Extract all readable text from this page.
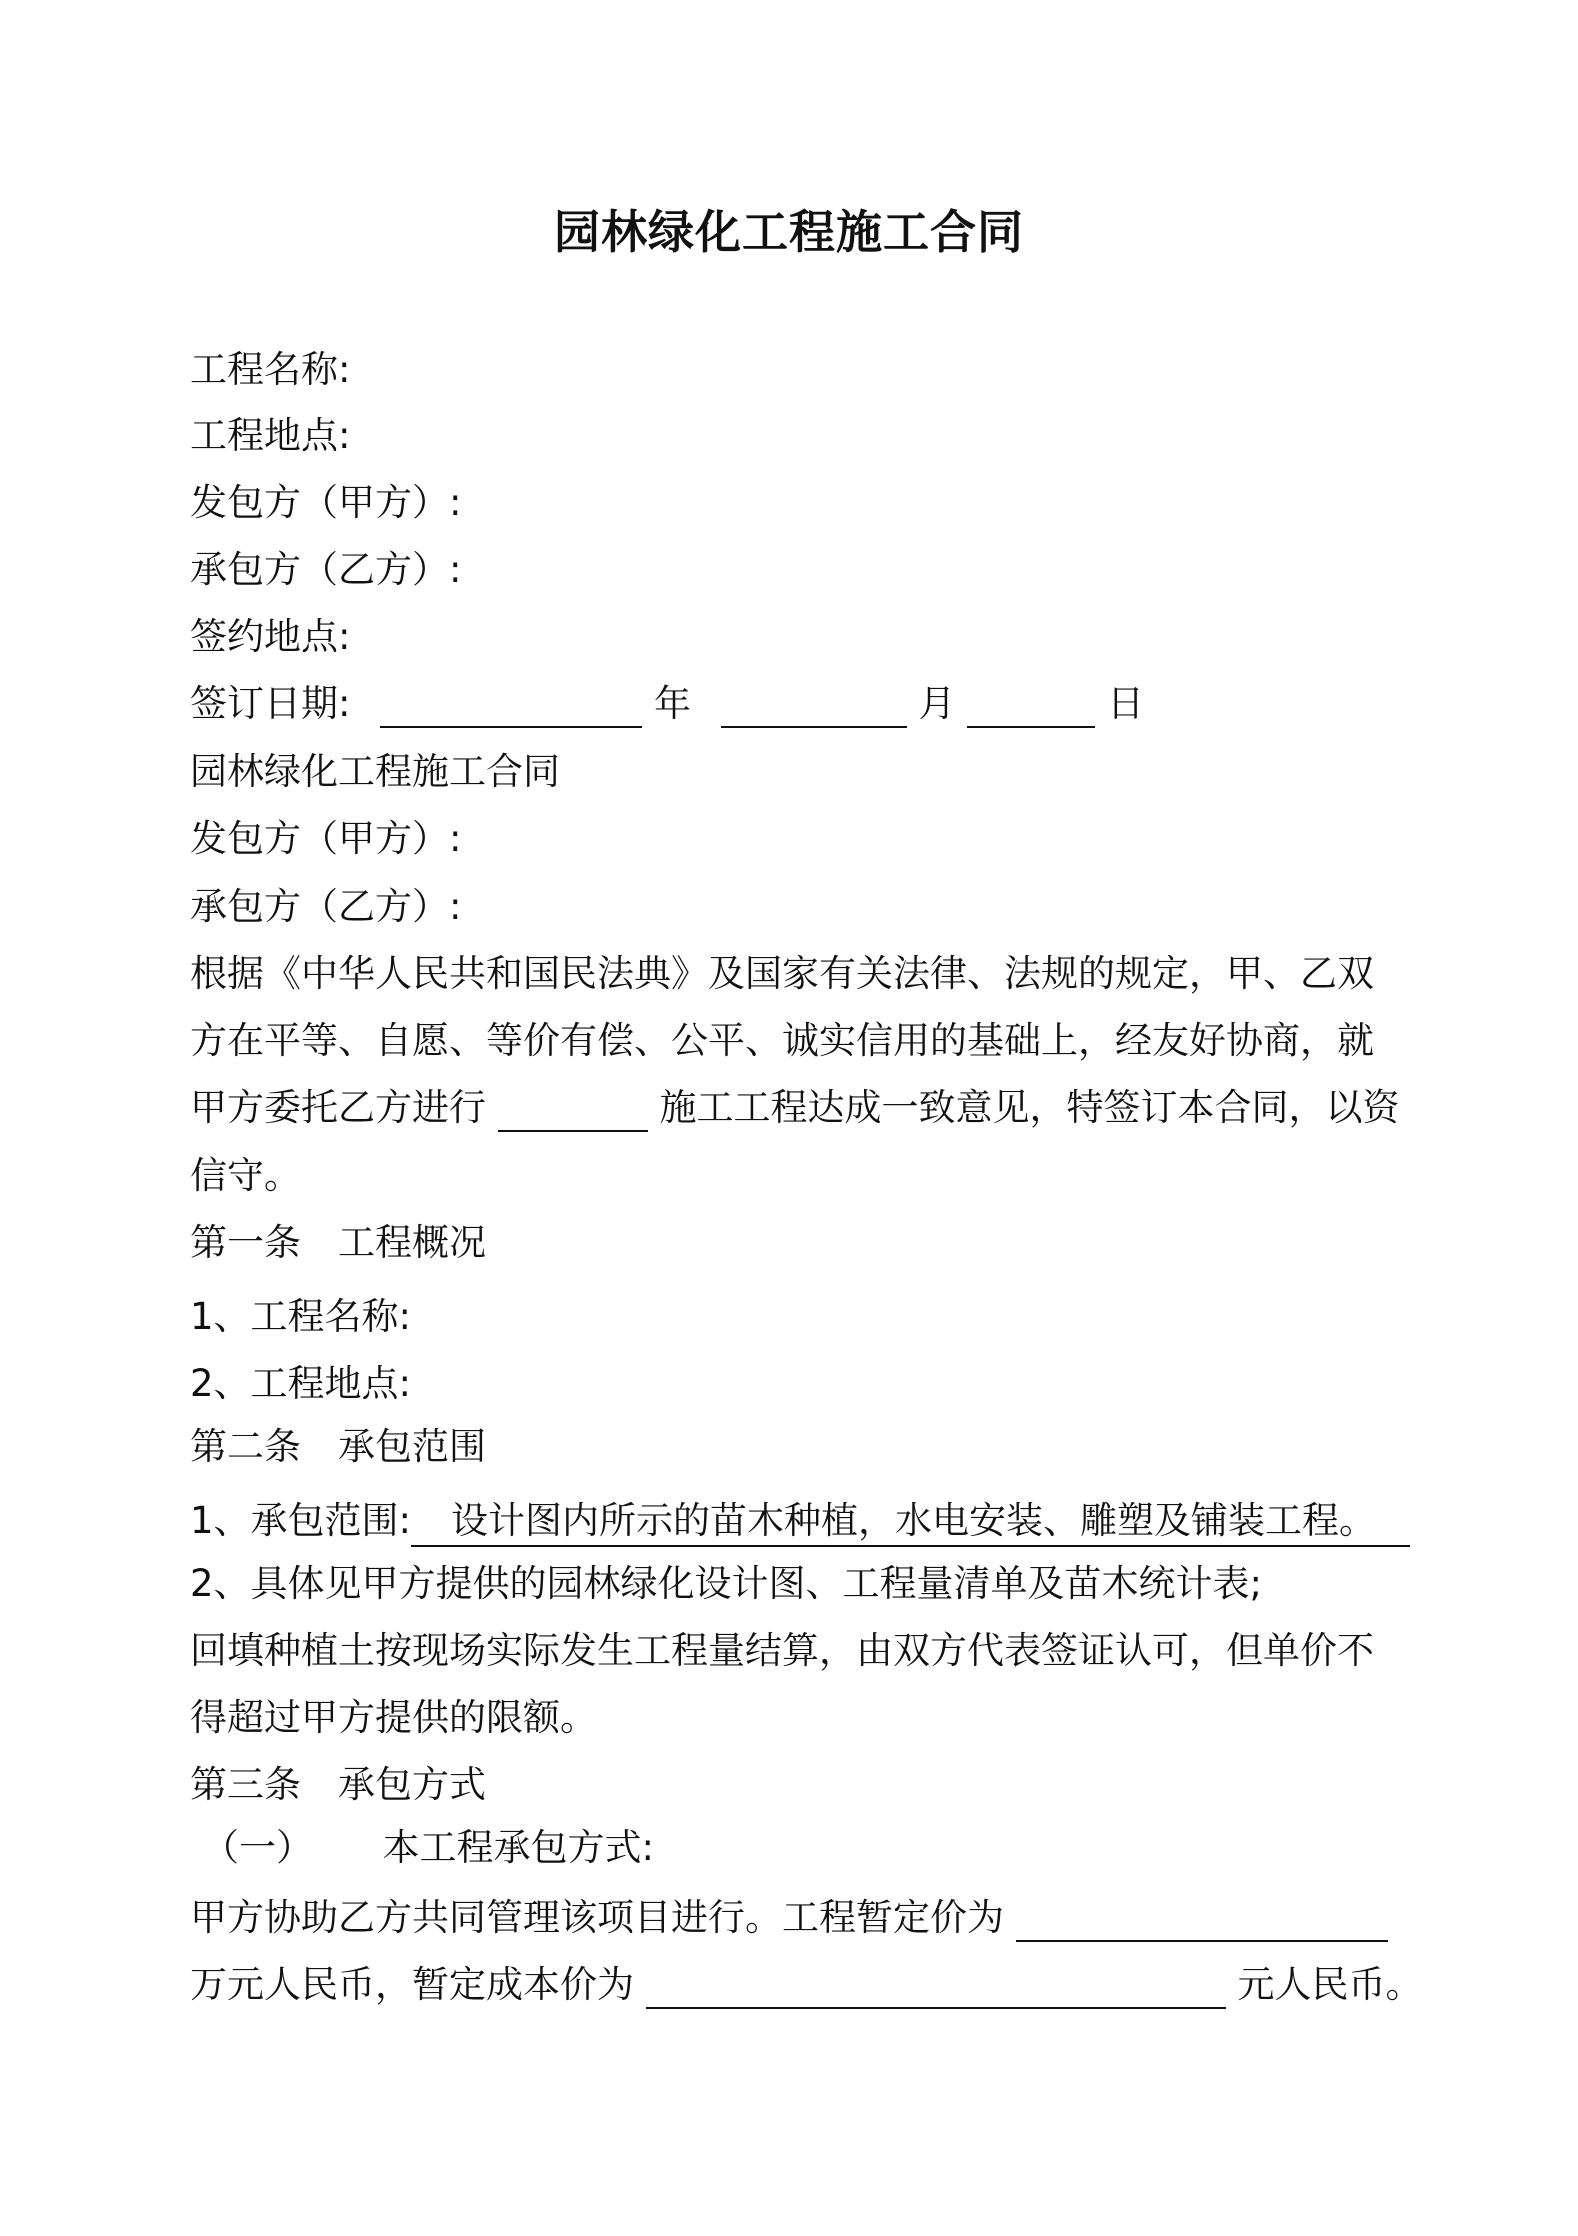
园林绿化工程施工合同
工程名称:
工程地点:
发包方（甲方）:
承包方（乙方）:
签约地点:
签订日期:	年	月	日
园林绿化工程施工合同
发包方（甲方）:
承包方（乙方）:
根据《中华人民共和国民法典》及国家有关法律、法规的规定，甲、乙双
方在平等、自愿、等价有偿、公平、诚实信用的基础上，经友好协商，就
甲方委托乙方进行	施工工程达成一致意见，特签订本合同，以资
信守。
第一条　工程概况
1、工程名称:
2、工程地点:
第二条　承包范围
1、承包范围: 设计图内所示的苗木种植，水电安装、雕塑及铺装工程。
2、具体见甲方提供的园林绿化设计图、工程量清单及苗木统计表;
回填种植土按现场实际发生工程量结算，由双方代表签证认可，但单价不
得超过甲方提供的限额。
第三条　承包方式
（一） 本工程承包方式:
甲方协助乙方共同管理该项目进行。工程暂定价为
万元人民币，暂定成本价为	元人民币。
